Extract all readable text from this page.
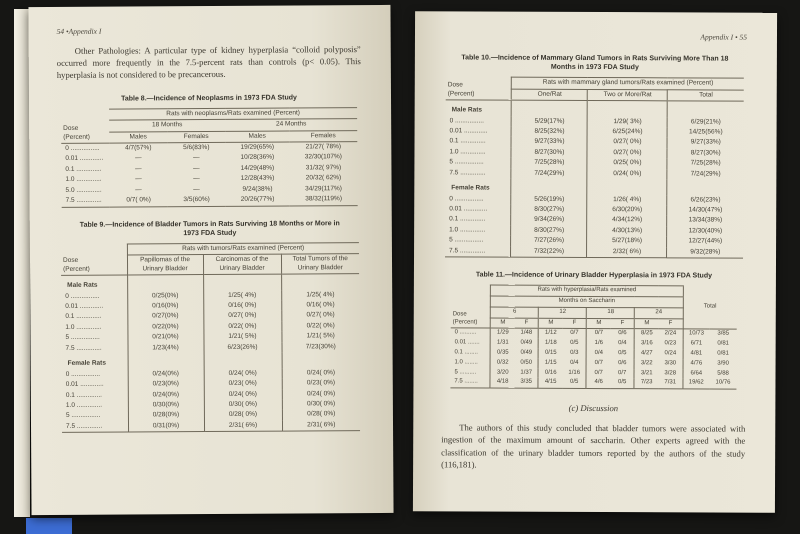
54 •Appendix I

Other Pathologies: A particular type of kidney hyperplasia “colloid polyposis” occurred more frequently in the 7.5-percent rats than controls (p< 0.05). This hyperplasia is not considered to be precancerous.

Table 8.—Incidence of Neoplasms in 1973 FDA Study
Dose
(Percent)	Rats with neoplasms/Rats examined (Percent)			
	18 Months		24 Months	
	Males	Females	Males	Females
0 ................	4/7(57%)	5/6(83%)	19/29(65%)	21/27( 78%)
0.01 .............	—	—	10/28(36%)	32/30(107%)
0.1 ..............	—	—	14/29(48%)	31/32( 97%)
1.0 ..............	—	—	12/28(43%)	20/32( 62%)
5.0 ..............	—	—	9/24(38%)	34/29(117%)
7.5 ..............	0/7( 0%)	3/5(60%)	20/26(77%)	38/32(119%)
Table 9.—Incidence of Bladder Tumors in Rats Surviving 18 Months or More in 1973 FDA Study
Dose
(Percent)	Rats with tumors/Rats examined (Percent)		
	Papillomas of the Urinary Bladder	Carcinomas of the Urinary Bladder	Total Tumors of the Urinary Bladder
Male Rats			
0 ................	0/25(0%)	1/25( 4%)	1/25( 4%)
0.01 .............	0/16(0%)	0/16( 0%)	0/16( 0%)
0.1 ..............	0/27(0%)	0/27( 0%)	0/27( 0%)
1.0 ..............	0/22(0%)	0/22( 0%)	0/22( 0%)
5 ................	0/21(0%)	1/21( 5%)	1/21( 5%)
7.5 ..............	1/23(4%)	6/23(26%)	7/23(30%)
Female Rats			
0 ................	0/24(0%)	0/24( 0%)	0/24( 0%)
0.01 .............	0/23(0%)	0/23( 0%)	0/23( 0%)
0.1 ..............	0/24(0%)	0/24( 0%)	0/24( 0%)
1.0 ..............	0/30(0%)	0/30( 0%)	0/30( 0%)
5 ................	0/28(0%)	0/28( 0%)	0/28( 0%)
7.5 ..............	0/31(0%)	2/31( 6%)	2/31( 6%)
Appendix I • 55
Table 10.—Incidence of Mammary Gland Tumors in Rats Surviving More Than 18 Months in 1973 FDA Study
Dose
(Percent)	Rats with mammary gland tumors/Rats examined (Percent)		
	One/Rat	Two or More/Rat	Total
Male Rats			
0 ................	5/29(17%)	1/29( 3%)	6/29(21%)
0.01 .............	8/25(32%)	6/25(24%)	14/25(56%)
0.1 ..............	9/27(33%)	0/27( 0%)	9/27(33%)
1.0 ..............	8/27(30%)	0/27( 0%)	8/27(30%)
5 ................	7/25(28%)	0/25( 0%)	7/25(28%)
7.5 ..............	7/24(29%)	0/24( 0%)	7/24(29%)
Female Rats			
0 ................	5/26(19%)	1/26( 4%)	6/26(23%)
0.01 .............	8/30(27%)	6/30(20%)	14/30(47%)
0.1 ..............	9/34(26%)	4/34(12%)	13/34(38%)
1.0 ..............	8/30(27%)	4/30(13%)	12/30(40%)
5 ................	7/27(26%)	5/27(18%)	12/27(44%)
7.5 ..............	7/32(22%)	2/32( 6%)	9/32(28%)
Table 11.—Incidence of Urinary Bladder Hyperplasia in 1973 FDA Study
Dose
(Percent)	Rats with hyperplasia/Rats examined								Total	
	Months on Saccharin									
	6		12		18		24			
	M	F	M	F	M	F	M	F		
0 ..........	1/29	1/48	1/12	0/7	0/7	0/6	8/25	2/24	10/73	3/85
0.01 .......	1/31	0/49	1/18	0/5	1/6	0/4	3/16	0/23	6/71	0/81
0.1 ........	0/35	0/49	0/15	0/3	0/4	0/5	4/27	0/24	4/81	0/81
1.0 ........	0/32	0/50	1/15	0/4	0/7	0/6	3/22	3/30	4/76	3/90
5 ..........	3/20	1/37	0/16	1/16	0/7	0/7	3/21	3/28	6/64	5/88
7.5 ........	4/18	3/35	4/15	0/5	4/6	0/5	7/23	7/31	19/62	10/76
(c) Discussion

The authors of this study concluded that bladder tumors were associated with ingestion of the maximum amount of saccharin. Other experts agreed with the classification of the urinary bladder tumors reported by the authors of the study (116,181).
